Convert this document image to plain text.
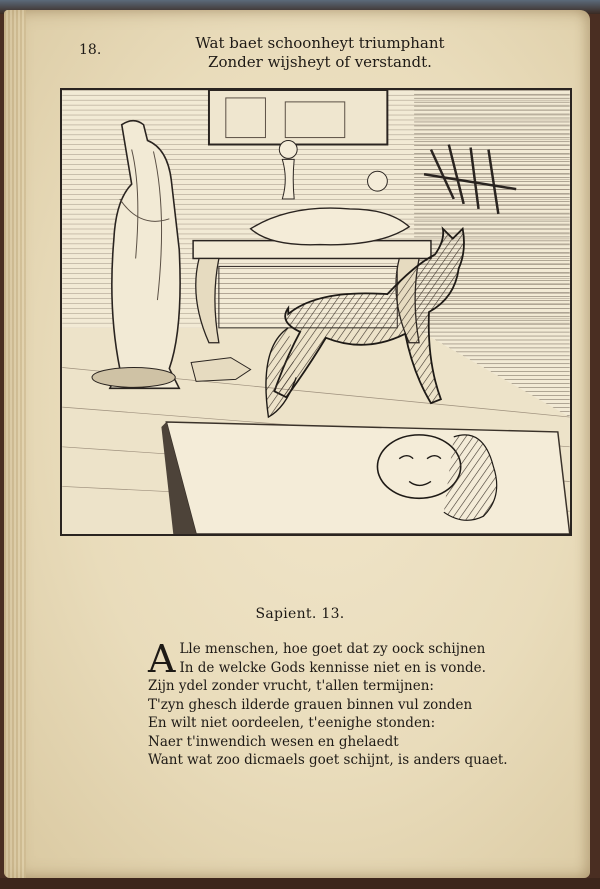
18.	Wat baet schoonheyt triumphant
Zonder wijsheyt of verstandt.
Sapient. 13.
A Lle menschen, hoe goet dat zy oock schijnen
In de welcke Gods kennisse niet en is vonde.
Zijn ydel zonder vrucht, t'allen termijnen:
T'zyn ghesch ilderde grauen binnen vul zonden
En wilt niet oordeelen, t'eenighe stonden:
Naer t'inwendich wesen en ghelaedt
Want wat zoo dicmaels goet schijnt, is anders quaet.
